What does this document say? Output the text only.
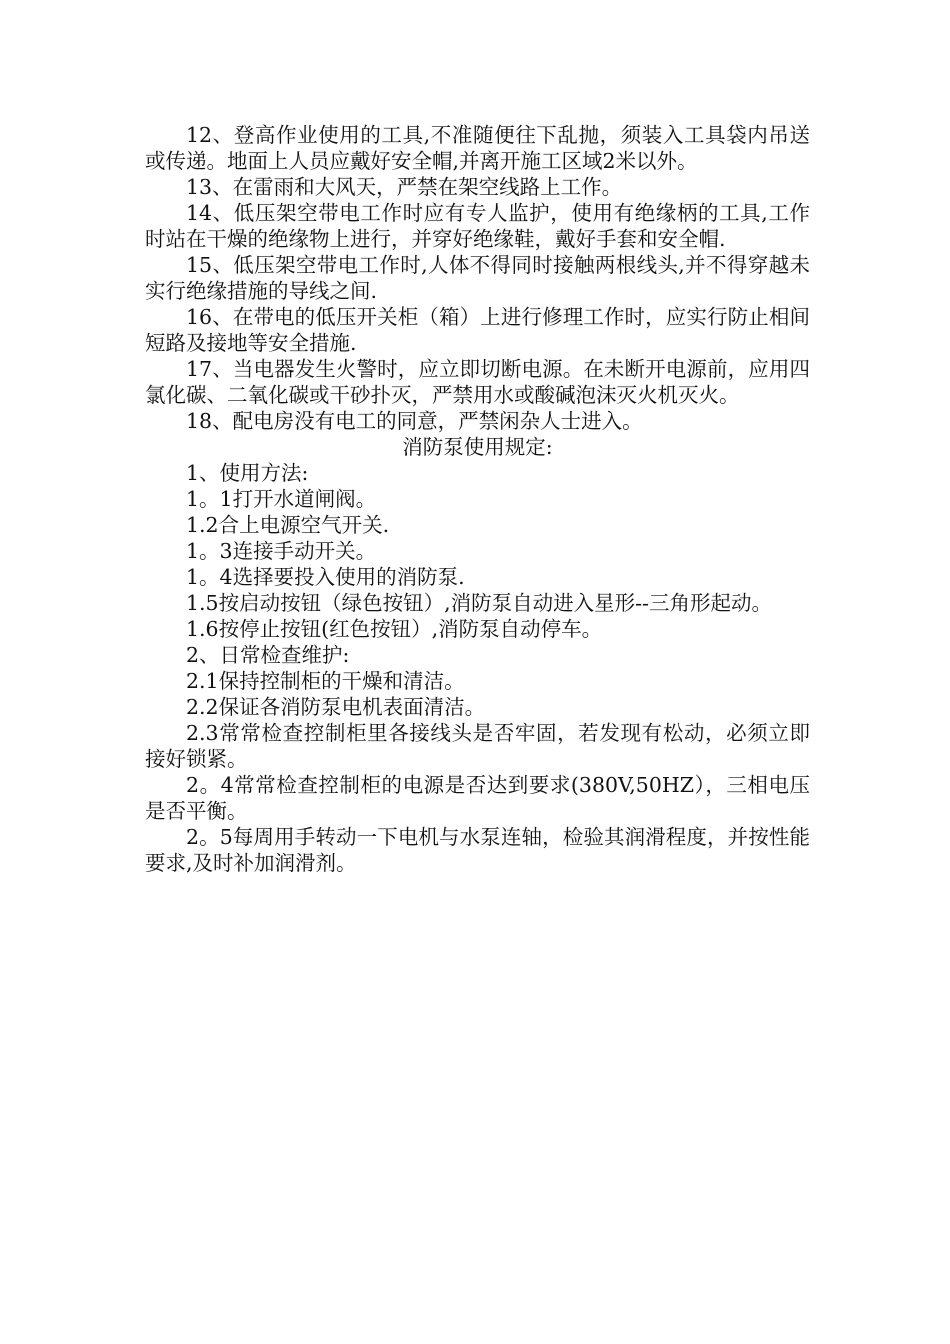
12、登高作业使用的工具,不准随便往下乱抛，须装入工具袋内吊送或传递。地面上人员应戴好安全帽,并离开施工区域2米以外。

13、在雷雨和大风天，严禁在架空线路上工作。

14、低压架空带电工作时应有专人监护，使用有绝缘柄的工具,工作时站在干燥的绝缘物上进行，并穿好绝缘鞋，戴好手套和安全帽.

15、低压架空带电工作时,人体不得同时接触两根线头,并不得穿越未实行绝缘措施的导线之间.

16、在带电的低压开关柜（箱）上进行修理工作时，应实行防止相间短路及接地等安全措施.

17、当电器发生火警时，应立即切断电源。在未断开电源前，应用四氯化碳、二氧化碳或干砂扑灭，严禁用水或酸碱泡沫灭火机灭火。

18、配电房没有电工的同意，严禁闲杂人士进入。

消防泵使用规定:

1、使用方法:

1。1打开水道闸阀。

1.2合上电源空气开关.

1。3连接手动开关。

1。4选择要投入使用的消防泵.

1.5按启动按钮（绿色按钮）,消防泵自动进入星形--三角形起动。

1.6按停止按钮(红色按钮）,消防泵自动停车。

2、日常检查维护:

2.1保持控制柜的干燥和清洁。

2.2保证各消防泵电机表面清洁。

2.3常常检查控制柜里各接线头是否牢固，若发现有松动，必须立即接好锁紧。

2。4常常检查控制柜的电源是否达到要求(380V,50HZ），三相电压是否平衡。

2。5每周用手转动一下电机与水泵连轴，检验其润滑程度，并按性能要求,及时补加润滑剂。
